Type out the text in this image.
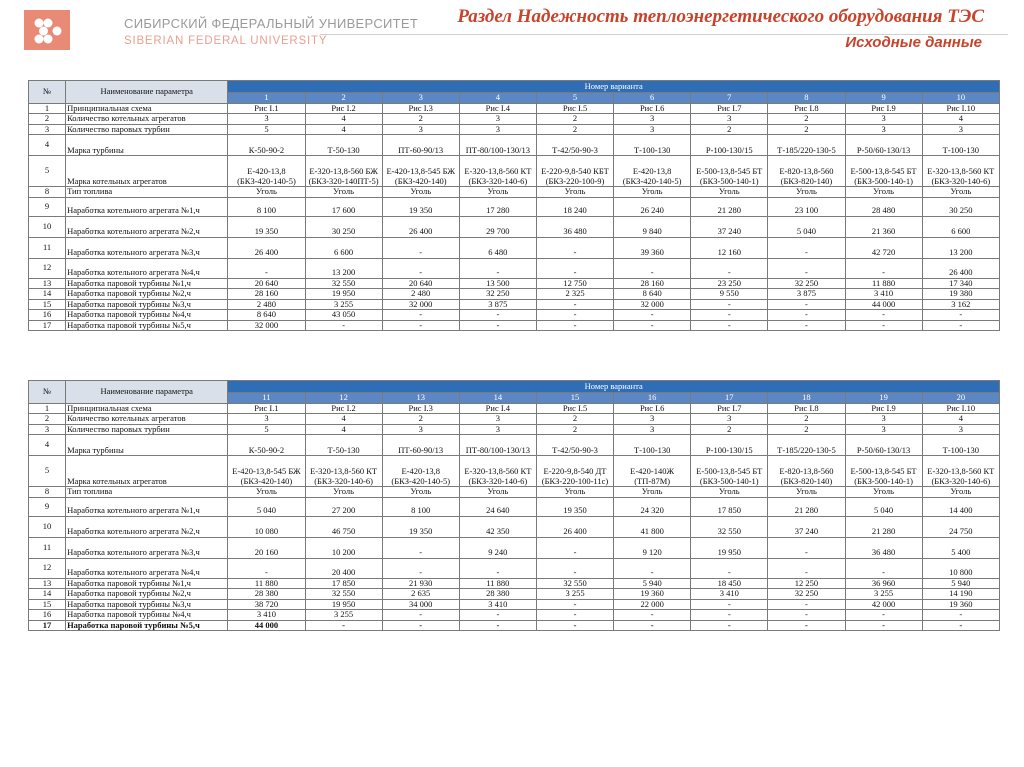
СИБИРСКИЙ ФЕДЕРАЛЬНЫЙ УНИВЕРСИТЕТ
SIBERIAN FEDERAL UNIVERSITY
Раздел Надежность теплоэнергетического оборудования ТЭС
Исходные данные
№	Наименование параметра	Номер варианта									
		1	2	3	4	5	6	7	8	9	10
1	Принципиальная схема	Рис I.1	Рис I.2	Рис I.3	Рис I.4	Рис I.5	Рис I.6	Рис I.7	Рис I.8	Рис I.9	Рис I.10
2	Количество котельных агрегатов	3	4	2	3	2	3	3	2	3	4
3	Количество паровых турбин	5	4	3	3	2	3	2	2	3	3
4	Марка турбины	К-50-90-2	Т-50-130	ПТ-60-90/13	ПТ-80/100-130/13	Т-42/50-90-3	Т-100-130	Р-100-130/15	Т-185/220-130-5	Р-50/60-130/13	Т-100-130
5	Марка котельных агрегатов	Е-420-13,8 (БКЗ-420-140-5)	Е-320-13,8-560 БЖ (БКЗ-320-140ПТ-5)	Е-420-13,8-545 БЖ (БКЗ-420-140)	Е-320-13,8-560 КТ (БКЗ-320-140-6)	Е-220-9,8-540 КБТ (БКЗ-220-100-9)	Е-420-13,8 (БКЗ-420-140-5)	Е-500-13,8-545 БТ (БКЗ-500-140-1)	Е-820-13,8-560 (БКЗ-820-140)	Е-500-13,8-545 БТ (БКЗ-500-140-1)	Е-320-13,8-560 КТ (БКЗ-320-140-6)
8	Тип топлива	Уголь	Уголь	Уголь	Уголь	Уголь	Уголь	Уголь	Уголь	Уголь	Уголь
9	Наработка котельного агрегата №1,ч	8 100	17 600	19 350	17 280	18 240	26 240	21 280	23 100	28 480	30 250
10	Наработка котельного агрегата №2,ч	19 350	30 250	26 400	29 700	36 480	9 840	37 240	5 040	21 360	6 600
11	Наработка котельного агрегата №3,ч	26 400	6 600	-	6 480	-	39 360	12 160	-	42 720	13 200
12	Наработка котельного агрегата №4,ч	-	13 200	-	-	-	-	-	-	-	26 400
13	Наработка паровой турбины №1,ч	20 640	32 550	20 640	13 500	12 750	28 160	23 250	32 250	11 880	17 340
14	Наработка паровой турбины №2,ч	28 160	19 950	2 480	32 250	2 325	8 640	9 550	3 875	3 410	19 380
15	Наработка паровой турбины №3,ч	2 480	3 255	32 000	3 875	-	32 000	-	-	44 000	3 162
16	Наработка паровой турбины №4,ч	8 640	43 050	-	-	-	-	-	-	-	-
17	Наработка паровой турбины №5,ч	32 000	-	-	-	-	-	-	-	-	-
№	Наименование параметра	Номер варианта									
		11	12	13	14	15	16	17	18	19	20
1	Принципиальная схема	Рис I.1	Рис I.2	Рис I.3	Рис I.4	Рис I.5	Рис I.6	Рис I.7	Рис I.8	Рис I.9	Рис I.10
2	Количество котельных агрегатов	3	4	2	3	2	3	3	2	3	4
3	Количество паровых турбин	5	4	3	3	2	3	2	2	3	3
4	Марка турбины	К-50-90-2	Т-50-130	ПТ-60-90/13	ПТ-80/100-130/13	Т-42/50-90-3	Т-100-130	Р-100-130/15	Т-185/220-130-5	Р-50/60-130/13	Т-100-130
5	Марка котельных агрегатов	Е-420-13,8-545 БЖ (БКЗ-420-140)	Е-320-13,8-560 КТ (БКЗ-320-140-6)	Е-420-13,8 (БКЗ-420-140-5)	Е-320-13,8-560 КТ (БКЗ-320-140-6)	Е-220-9,8-540 ДТ (БКЗ-220-100-11с)	Е-420-140Ж (ТП-87М)	Е-500-13,8-545 БТ (БКЗ-500-140-1)	Е-820-13,8-560 (БКЗ-820-140)	Е-500-13,8-545 БТ (БКЗ-500-140-1)	Е-320-13,8-560 КТ (БКЗ-320-140-6)
8	Тип топлива	Уголь	Уголь	Уголь	Уголь	Уголь	Уголь	Уголь	Уголь	Уголь	Уголь
9	Наработка котельного агрегата №1,ч	5 040	27 200	8 100	24 640	19 350	24 320	17 850	21 280	5 040	14 400
10	Наработка котельного агрегата №2,ч	10 080	46 750	19 350	42 350	26 400	41 800	32 550	37 240	21 280	24 750
11	Наработка котельного агрегата №3,ч	20 160	10 200	-	9 240	-	9 120	19 950	-	36 480	5 400
12	Наработка котельного агрегата №4,ч	-	20 400	-	-	-	-	-	-	-	10 800
13	Наработка паровой турбины №1,ч	11 880	17 850	21 930	11 880	32 550	5 940	18 450	12 250	36 960	5 940
14	Наработка паровой турбины №2,ч	28 380	32 550	2 635	28 380	3 255	19 360	3 410	32 250	3 255	14 190
15	Наработка паровой турбины №3,ч	38 720	19 950	34 000	3 410	-	22 000	-	-	42 000	19 360
16	Наработка паровой турбины №4,ч	3 410	3 255	-	-	-	-	-	-	-	-
17	Наработка паровой турбины №5,ч	44 000	-	-	-	-	-	-	-	-	-
